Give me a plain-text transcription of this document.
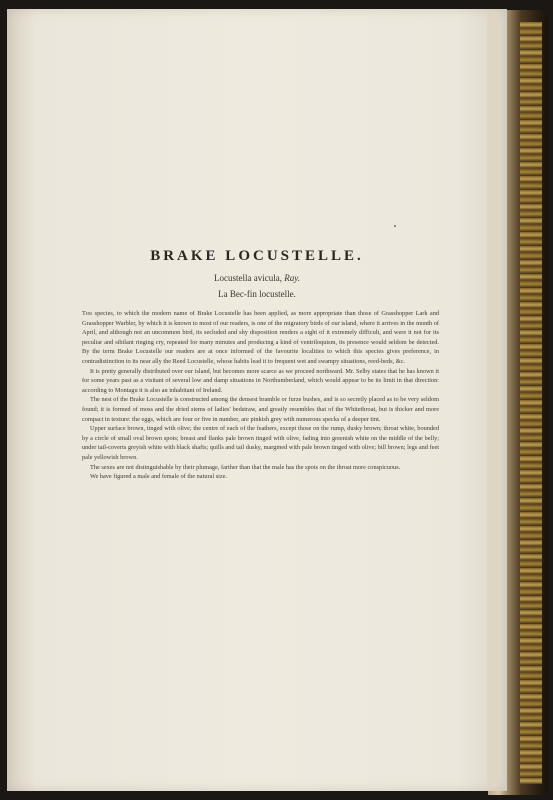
BRAKE LOCUSTELLE.
Locustella avicula, Ray.
La Bec-fin locustelle.

This species, to which the modern name of Brake Locustelle has been applied, as more appropriate than those of Grasshopper Lark and Grasshopper Warbler, by which it is known to most of our readers, is one of the migratory birds of our island, where it arrives in the month of April, and although not an uncommon bird, its secluded and shy disposition renders a sight of it extremely difficult, and were it not for its peculiar and sibilant ringing cry, repeated for many minutes and producing a kind of ventriloquism, its presence would seldom be detected. By the term Brake Locustelle our readers are at once informed of the favourite localities to which this species gives preference, in contradistinction to its near ally the Reed Locustelle, whose habits lead it to frequent wet and swampy situations, reed-beds, &c.

It is pretty generally distributed over our island, but becomes more scarce as we proceed northward. Mr. Selby states that he has known it for some years past as a visitant of several low and damp situations in Northumberland, which would appear to be its limit in that direction: according to Montagu it is also an inhabitant of Ireland.

The nest of the Brake Locustelle is constructed among the densest bramble or furze bushes, and is so secretly placed as to be very seldom found; it is formed of moss and the dried stems of ladies' bedstraw, and greatly resembles that of the Whitethroat, but is thicker and more compact in texture: the eggs, which are four or five in number, are pinkish grey with numerous specks of a deeper tint.

Upper surface brown, tinged with olive; the centre of each of the feathers, except those on the rump, dusky brown; throat white, bounded by a circle of small oval brown spots; breast and flanks pale brown tinged with olive, fading into greenish white on the middle of the belly; under tail-coverts greyish white with black shafts; quills and tail dusky, margined with pale brown tinged with olive; bill brown; legs and feet pale yellowish brown.

The sexes are not distinguishable by their plumage, farther than that the male has the spots on the throat more conspicuous.

We have figured a male and female of the natural size.
